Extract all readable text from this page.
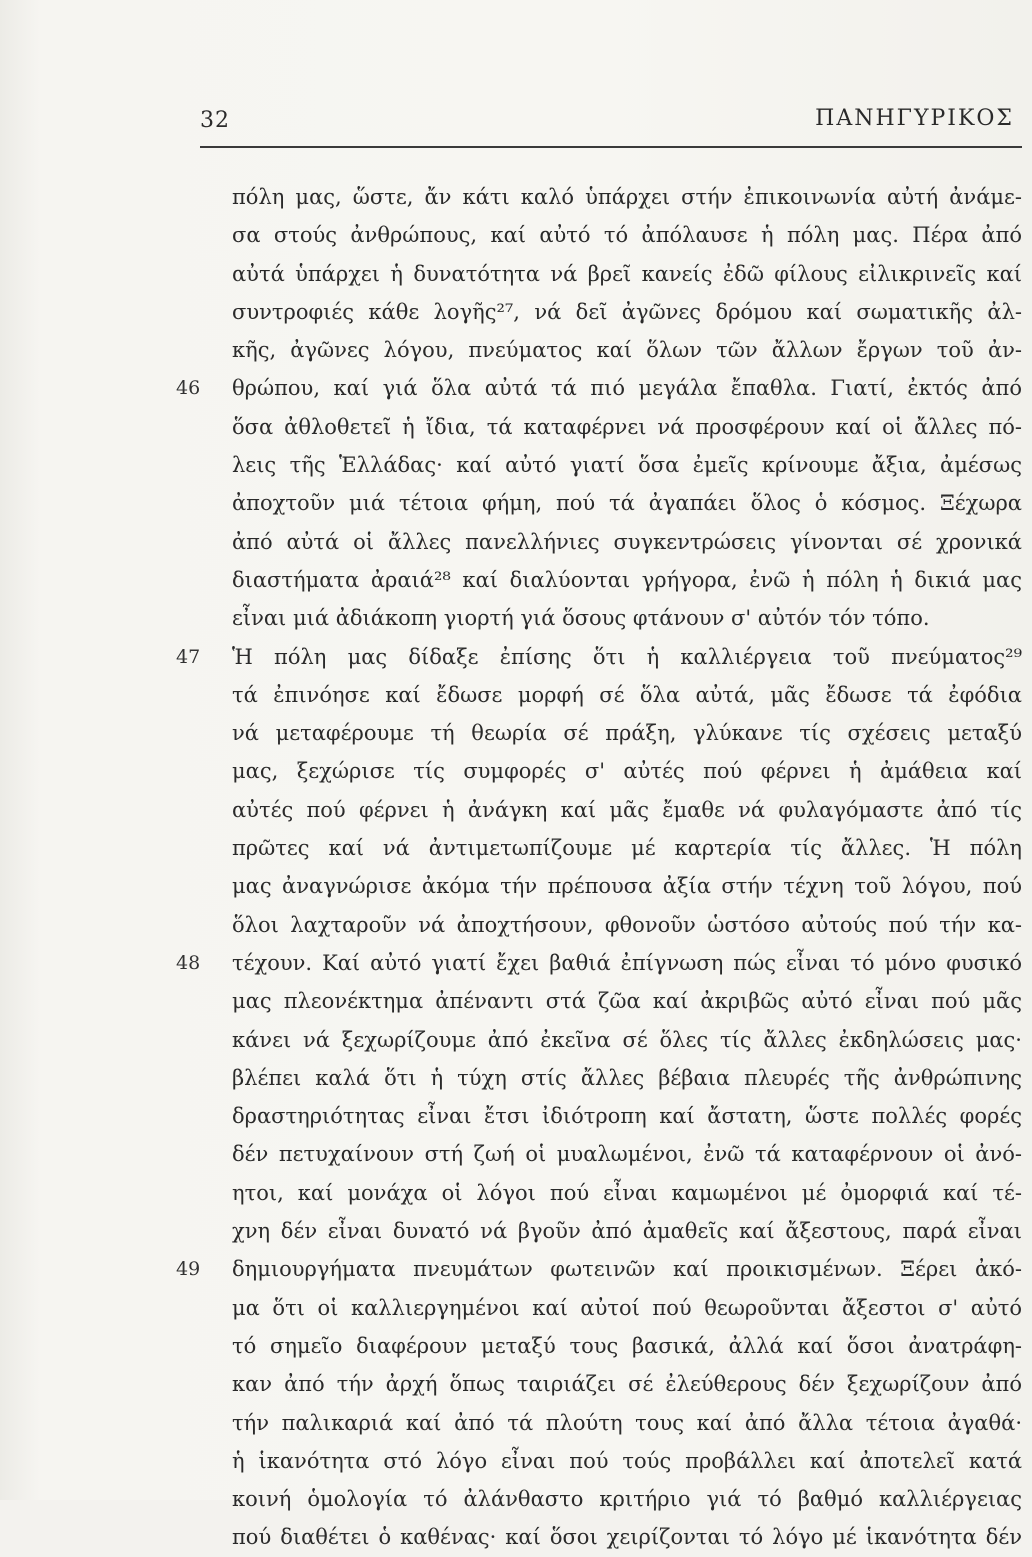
32	ΠΑΝΗΓΥΡΙΚΟΣ
πόλη μας, ὥστε, ἄν κάτι καλό ὑπάρχει στήν ἐπικοινωνία αὐτή ἀνάμε-
σα στούς ἀνθρώπους, καί αὐτό τό ἀπόλαυσε ἡ πόλη μας. Πέρα ἀπό
αὐτά ὑπάρχει ἡ δυνατότητα νά βρεῖ κανείς ἐδῶ φίλους εἰλικρινεῖς καί
συντροφιές κάθε λογῆς²⁷, νά δεῖ ἀγῶνες δρόμου καί σωματικῆς ἀλ-
κῆς, ἀγῶνες λόγου, πνεύματος καί ὅλων τῶν ἄλλων ἔργων τοῦ ἀν-
46	θρώπου, καί γιά ὅλα αὐτά τά πιό μεγάλα ἔπαθλα. Γιατί, ἐκτός ἀπό
ὅσα ἀθλοθετεῖ ἡ ἴδια, τά καταφέρνει νά προσφέρουν καί οἱ ἄλλες πό-
λεις τῆς Ἑλλάδας· καί αὐτό γιατί ὅσα ἐμεῖς κρίνουμε ἄξια, ἀμέσως
ἀποχτοῦν μιά τέτοια φήμη, πού τά ἀγαπάει ὅλος ὁ κόσμος. Ξέχωρα
ἀπό αὐτά οἱ ἄλλες πανελλήνιες συγκεντρώσεις γίνονται σέ χρονικά
διαστήματα ἀραιά²⁸ καί διαλύονται γρήγορα, ἐνῶ ἡ πόλη ἡ δικιά μας
εἶναι μιά ἀδιάκοπη γιορτή γιά ὅσους φτάνουν σ' αὐτόν τόν τόπο.
47	Ἡ πόλη μας δίδαξε ἐπίσης ὅτι ἡ καλλιέργεια τοῦ πνεύματος²⁹
τά ἐπινόησε καί ἔδωσε μορφή σέ ὅλα αὐτά, μᾶς ἔδωσε τά ἐφόδια
νά μεταφέρουμε τή θεωρία σέ πράξη, γλύκανε τίς σχέσεις μεταξύ
μας, ξεχώρισε τίς συμφορές σ' αὐτές πού φέρνει ἡ ἀμάθεια καί
αὐτές πού φέρνει ἡ ἀνάγκη καί μᾶς ἔμαθε νά φυλαγόμαστε ἀπό τίς
πρῶτες καί νά ἀντιμετωπίζουμε μέ καρτερία τίς ἄλλες. Ἡ πόλη
μας ἀναγνώρισε ἀκόμα τήν πρέπουσα ἀξία στήν τέχνη τοῦ λόγου, πού
ὅλοι λαχταροῦν νά ἀποχτήσουν, φθονοῦν ὡστόσο αὐτούς πού τήν κα-
48	τέχουν. Καί αὐτό γιατί ἔχει βαθιά ἐπίγνωση πώς εἶναι τό μόνο φυσικό
μας πλεονέκτημα ἀπέναντι στά ζῶα καί ἀκριβῶς αὐτό εἶναι πού μᾶς
κάνει νά ξεχωρίζουμε ἀπό ἐκεῖνα σέ ὅλες τίς ἄλλες ἐκδηλώσεις μας·
βλέπει καλά ὅτι ἡ τύχη στίς ἄλλες βέβαια πλευρές τῆς ἀνθρώπινης
δραστηριότητας εἶναι ἔτσι ἰδιότροπη καί ἄστατη, ὥστε πολλές φορές
δέν πετυχαίνουν στή ζωή οἱ μυαλωμένοι, ἐνῶ τά καταφέρνουν οἱ ἀνό-
ητοι, καί μονάχα οἱ λόγοι πού εἶναι καμωμένοι μέ ὀμορφιά καί τέ-
χνη δέν εἶναι δυνατό νά βγοῦν ἀπό ἀμαθεῖς καί ἄξεστους, παρά εἶναι
49	δημιουργήματα πνευμάτων φωτεινῶν καί προικισμένων. Ξέρει ἀκό-
μα ὅτι οἱ καλλιεργημένοι καί αὐτοί πού θεωροῦνται ἄξεστοι σ' αὐτό
τό σημεῖο διαφέρουν μεταξύ τους βασικά, ἀλλά καί ὅσοι ἀνατράφη-
καν ἀπό τήν ἀρχή ὅπως ταιριάζει σέ ἐλεύθερους δέν ξεχωρίζουν ἀπό
τήν παλικαριά καί ἀπό τά πλούτη τους καί ἀπό ἄλλα τέτοια ἀγαθά·
ἡ ἱκανότητα στό λόγο εἶναι πού τούς προβάλλει καί ἀποτελεῖ κατά
κοινή ὁμολογία τό ἀλάνθαστο κριτήριο γιά τό βαθμό καλλιέργειας
πού διαθέτει ὁ καθένας· καί ὅσοι χειρίζονται τό λόγο μέ ἱκανότητα δέν
